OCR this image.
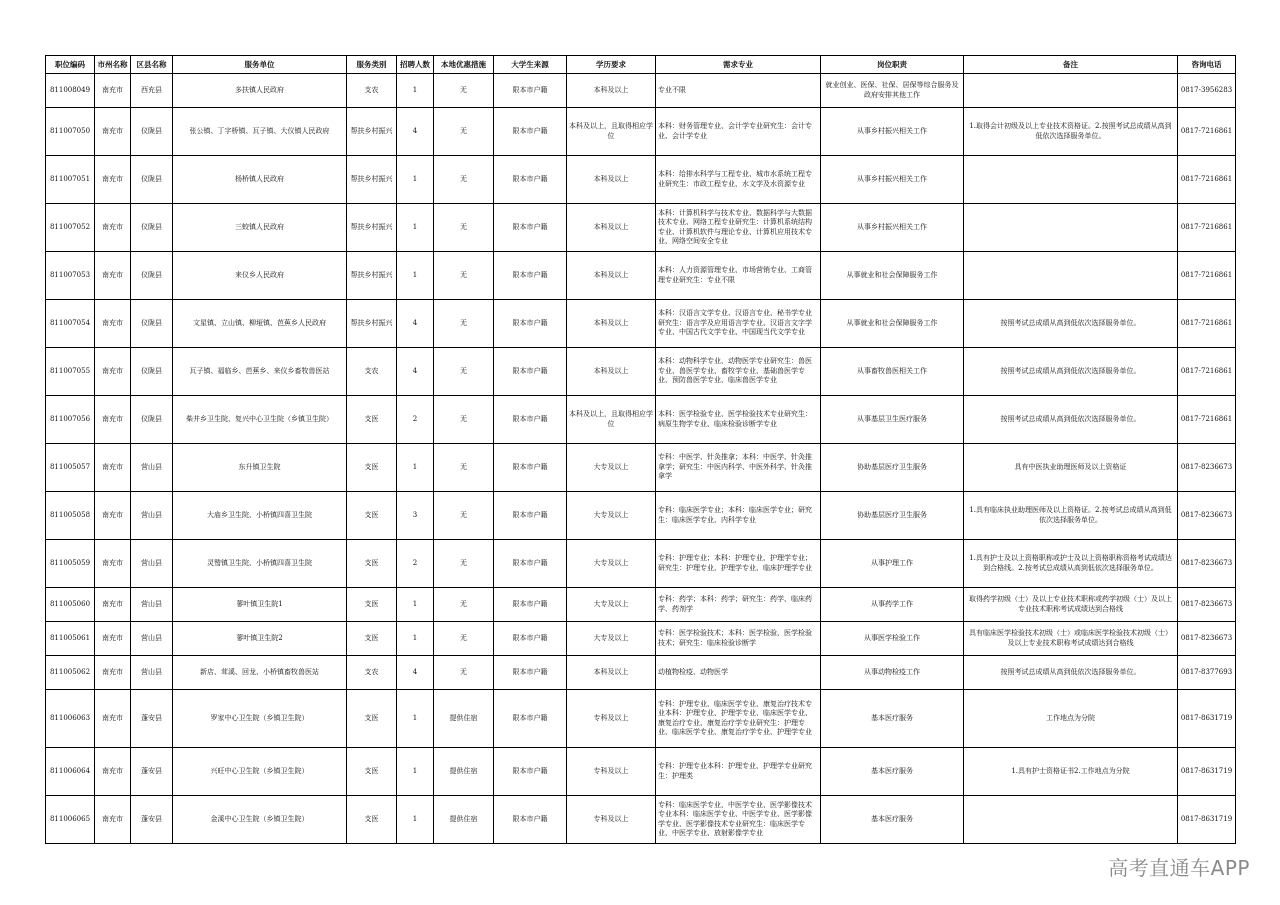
职位编码	市州名称	区县名称	服务单位	服务类别	招聘人数	本地优惠措施	大学生来源	学历要求	需求专业	岗位职责	备注	咨询电话
811008049	南充市	西充县	多扶镇人民政府	支农	1	无	限本市户籍	本科及以上	专业不限	就业创业、医保、社保、居保等综合服务及政府安排其他工作		0817-3956283
811007050	南充市	仪陇县	张公镇、丁字桥镇、瓦子镇、大仪镇人民政府	帮扶乡村振兴	4	无	限本市户籍	本科及以上，且取得相应学位	本科：财务管理专业、会计学专业研究生：会计专业、会计学专业	从事乡村振兴相关工作	1.取得会计初级及以上专业技术资格证。2.按照考试总成绩从高到低依次选择服务单位。	0817-7216861
811007051	南充市	仪陇县	杨桥镇人民政府	帮扶乡村振兴	1	无	限本市户籍	本科及以上	本科：给排水科学与工程专业、城市水系统工程专业研究生：市政工程专业、水文学及水资源专业	从事乡村振兴相关工作		0817-7216861
811007052	南充市	仪陇县	三蛟镇人民政府	帮扶乡村振兴	1	无	限本市户籍	本科及以上	本科：计算机科学与技术专业、数据科学与大数据技术专业、网络工程专业研究生：计算机系统结构专业、计算机软件与理论专业、计算机应用技术专业、网络空间安全专业	从事乡村振兴相关工作		0817-7216861
811007053	南充市	仪陇县	来仪乡人民政府	帮扶乡村振兴	1	无	限本市户籍	本科及以上	本科：人力资源管理专业、市场营销专业、工商管理专业研究生：专业不限	从事就业和社会保障服务工作		0817-7216861
811007054	南充市	仪陇县	文星镇、立山镇、柳垭镇、芭蕉乡人民政府	帮扶乡村振兴	4	无	限本市户籍	本科及以上	本科：汉语言文学专业、汉语言专业、秘书学专业研究生：语言学及应用语言学专业、汉语言文字学专业、中国古代文学专业、中国现当代文学专业	从事就业和社会保障服务工作	按照考试总成绩从高到低依次选择服务单位。	0817-7216861
811007055	南充市	仪陇县	瓦子镇、福临乡、芭蕉乡、来仪乡畜牧兽医站	支农	4	无	限本市户籍	本科及以上	本科：动物科学专业、动物医学专业研究生：兽医专业、兽医学专业、畜牧学专业、基础兽医学专业、预防兽医学专业、临床兽医学专业	从事畜牧兽医相关工作	按照考试总成绩从高到低依次选择服务单位。	0817-7216861
811007056	南充市	仪陇县	柴井乡卫生院、复兴中心卫生院（乡镇卫生院）	支医	2	无	限本市户籍	本科及以上，且取得相应学位	本科：医学检验专业、医学检验技术专业研究生：病原生物学专业、临床检验诊断学专业	从事基层卫生医疗服务	按照考试总成绩从高到低依次选择服务单位。	0817-7216861
811005057	南充市	营山县	东升镇卫生院	支医	1	无	限本市户籍	大专及以上	专科：中医学、针灸推拿；本科：中医学、针灸推拿学；研究生：中医内科学、中医外科学、针灸推拿学	协助基层医疗卫生服务	具有中医执业助理医师及以上资格证	0817-8236673
811005058	南充市	营山县	大庙乡卫生院、小桥镇四喜卫生院	支医	3	无	限本市户籍	大专及以上	专科：临床医学专业；本科：临床医学专业；研究生：临床医学专业、内科学专业	协助基层医疗卫生服务	1.具有临床执业助理医师及以上资格证。2.按考试总成绩从高到低依次选择服务单位。	0817-8236673
811005059	南充市	营山县	灵鹫镇卫生院、小桥镇四喜卫生院	支医	2	无	限本市户籍	大专及以上	专科：护理专业；本科：护理专业、护理学专业；研究生：护理专业、护理学专业、临床护理学专业	从事护理工作	1.具有护士及以上资格职称或护士及以上资格职称资格考试成绩达到合格线。2.按考试总成绩从高到低依次选择服务单位。	0817-8236673
811005060	南充市	营山县	蓼叶镇卫生院1	支医	1	无	限本市户籍	大专及以上	专科：药学；本科：药学；研究生：药学、临床药学、药剂学	从事药学工作	取得药学初级（士）及以上专业技术职称或药学初级（士）及以上专业技术职称考试成绩达到合格线	0817-8236673
811005061	南充市	营山县	蓼叶镇卫生院2	支医	1	无	限本市户籍	大专及以上	专科：医学检验技术；本科：医学检验、医学检验技术；研究生：临床检验诊断学	从事医学检验工作	具有临床医学检验技术初级（士）或临床医学检验技术初级（士）及以上专业技术职称考试成绩达到合格线	0817-8236673
811005062	南充市	营山县	新店、茸溪、回龙、小桥镇畜牧兽医站	支农	4	无	限本市户籍	本科及以上	动植物检疫、动物医学	从事动物检疫工作	按照考试总成绩从高到低依次选择服务单位。	0817-8377693
811006063	南充市	蓬安县	罗家中心卫生院（乡镇卫生院）	支医	1	提供住宿	限本市户籍	专科及以上	专科：护理专业、临床医学专业、康复治疗技术专业本科：护理专业、护理学专业、临床医学专业、康复治疗专业、康复治疗学专业研究生：护理专业、临床医学专业、康复治疗学专业、护理学专业	基本医疗服务	工作地点为分院	0817-8631719
811006064	南充市	蓬安县	兴旺中心卫生院（乡镇卫生院）	支医	1	提供住宿	限本市户籍	专科及以上	专科：护理专业本科：护理专业、护理学专业研究生：护理类	基本医疗服务	1.具有护士资格证书2.工作地点为分院	0817-8631719
811006065	南充市	蓬安县	金溪中心卫生院（乡镇卫生院）	支医	1	提供住宿	限本市户籍	专科及以上	专科：临床医学专业、中医学专业、医学影像技术专业本科：临床医学专业、中医学专业、医学影像学专业、医学影像技术专业研究生：临床医学专业、中医学专业、放射影像学专业	基本医疗服务		0817-8631719
高考直通车APP
